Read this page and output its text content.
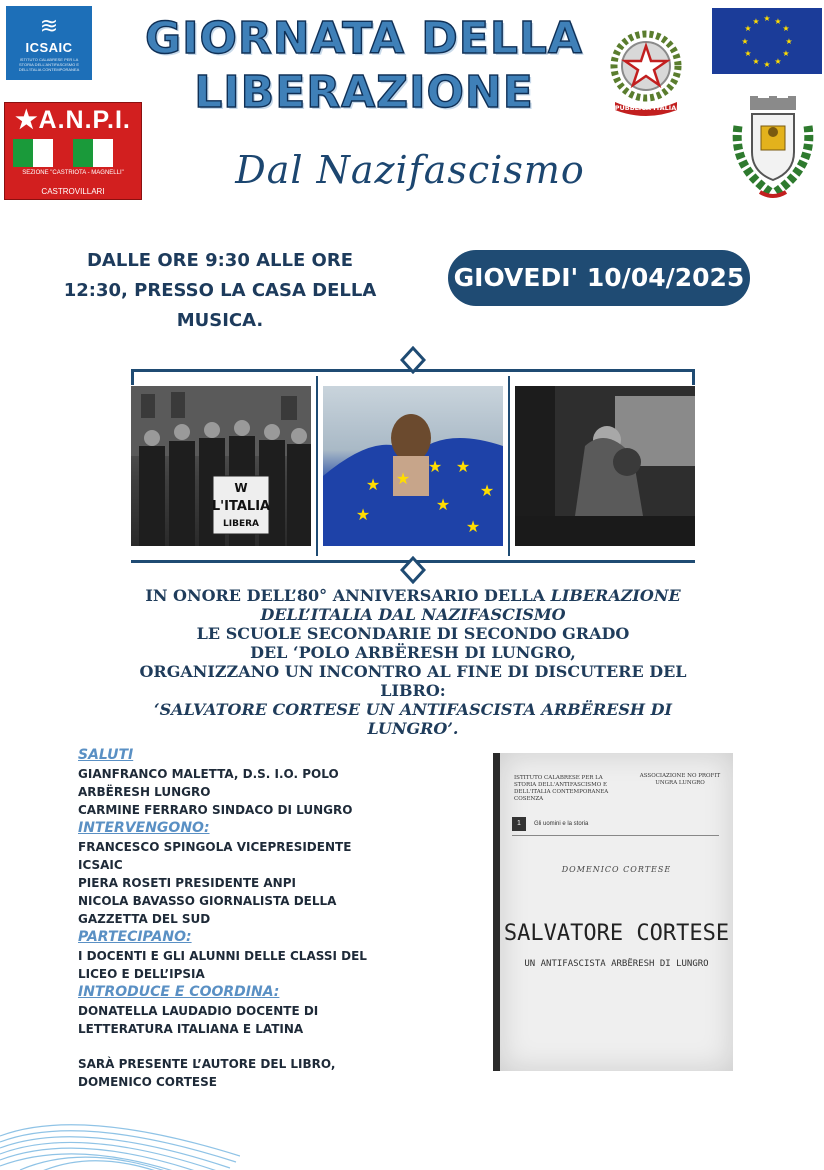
≋
ICSAIC
ISTITUTO CALABRESE PER LA STORIA DELL'ANTIFASCISMO E DELL'ITALIA CONTEMPORANEA
★A.N.P.I.
SEZIONE "CASTRIOTA - MAGNELLI"
CASTROVILLARI
GIORNATA DELLA
LIBERAZIONE
Dal Nazifascismo
REPUBBLICA ITALIANA
★ ★
★
★
★
★
★
★
★
★
★
★
DALLE ORE 9:30 ALLE ORE
12:30, PRESSO LA CASA DELLA
MUSICA.
GIOVEDI' 10/04/2025
W
L'ITALIA
LIBERA
★ ★
★ ★
★
★
★
★
IN ONORE DELL’80° ANNIVERSARIO DELLA LIBERAZIONE
DELL’ITALIA DAL NAZIFASCISMO
LE SCUOLE SECONDARIE DI SECONDO GRADO
DEL ‘POLO ARBËRESH DI LUNGRO,
ORGANIZZANO UN INCONTRO AL FINE DI DISCUTERE DEL
LIBRO:
‘SALVATORE CORTESE UN ANTIFASCISTA ARBËRESH DI
LUNGRO’.
SALUTI
GIANFRANCO MALETTA, D.S. I.O. POLO
ARBËRESH LUNGRO
CARMINE FERRARO SINDACO DI LUNGRO
INTERVENGONO:
FRANCESCO SPINGOLA VICEPRESIDENTE
ICSAIC
PIERA ROSETI PRESIDENTE ANPI
NICOLA BAVASSO GIORNALISTA DELLA
GAZZETTA DEL SUD
PARTECIPANO:
I DOCENTI E GLI ALUNNI DELLE CLASSI DEL
LICEO E DELL’IPSIA
INTRODUCE E COORDINA:
DONATELLA LAUDADIO DOCENTE DI
LETTERATURA ITALIANA E LATINA
SARÀ PRESENTE L’AUTORE DEL LIBRO,
DOMENICO CORTESE
ISTITUTO CALABRESE PER LA STORIA DELL'ANTIFASCISMO E DELL'ITALIA CONTEMPORANEA COSENZA
ASSOCIAZIONE NO PROFIT UNGRA LUNGRO
1	Gli uomini e la storia
DOMENICO CORTESE
SALVATORE CORTESE
UN ANTIFASCISTA ARBËRESH DI LUNGRO
